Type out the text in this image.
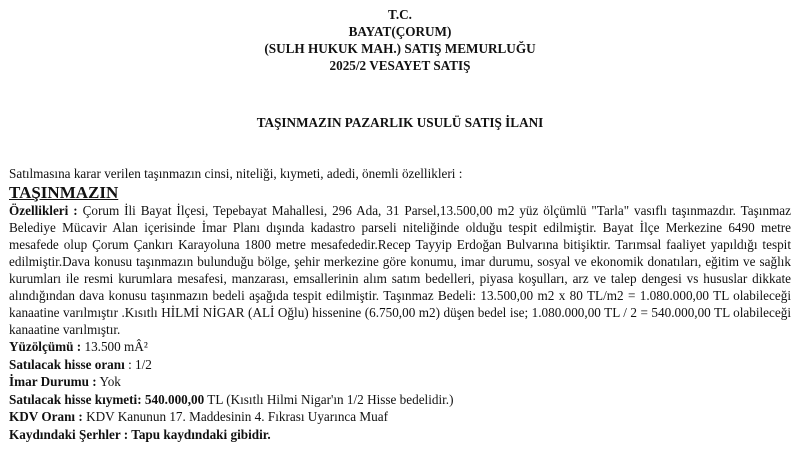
T.C.
BAYAT(ÇORUM)
(SULH HUKUK MAH.) SATIŞ MEMURLUĞU
2025/2 VESAYET SATIŞ
TAŞINMAZIN PAZARLIK USULÜ SATIŞ İLANI
Satılmasına karar verilen taşınmazın cinsi, niteliği, kıymeti, adedi, önemli özellikleri :
TAŞINMAZIN
Özellikleri : Çorum İli Bayat İlçesi, Tepebayat Mahallesi, 296 Ada, 31 Parsel,13.500,00 m2 yüz ölçümlü "Tarla" vasıflı taşınmazdır. Taşınmaz Belediye Mücavir Alan içerisinde İmar Planı dışında kadastro parseli niteliğinde olduğu tespit edilmiştir. Bayat İlçe Merkezine 6490 metre mesafede olup Çorum Çankırı Karayoluna 1800 metre mesafededir.Recep Tayyip Erdoğan Bulvarına bitişiktir. Tarımsal faaliyet yapıldığı tespit edilmiştir.Dava konusu taşınmazın bulunduğu bölge, şehir merkezine göre konumu, imar durumu, sosyal ve ekonomik donatıları, eğitim ve sağlık kurumları ile resmi kurumlara mesafesi, manzarası, emsallerinin alım satım bedelleri, piyasa koşulları, arz ve talep dengesi vs hususlar dikkate alındığından dava konusu taşınmazın bedeli aşağıda tespit edilmiştir. Taşınmaz Bedeli: 13.500,00 m2 x 80 TL/m2 = 1.080.000,00 TL olabileceği kanaatine varılmıştır .Kısıtlı HİLMİ NİGAR (ALİ Oğlu) hissenine (6.750,00 m2) düşen bedel ise; 1.080.000,00 TL / 2 = 540.000,00 TL olabileceği kanaatine varılmıştır.
Yüzölçümü : 13.500 mÂ²
Satılacak hisse oranı : 1/2
İmar Durumu : Yok
Satılacak hisse kıymeti: 540.000,00 TL (Kısıtlı Hilmi Nigar'ın 1/2 Hisse bedelidir.)
KDV Oranı : KDV Kanunun 17. Maddesinin 4. Fıkrası Uyarınca Muaf
Kaydındaki Şerhler : Tapu kaydındaki gibidir.
